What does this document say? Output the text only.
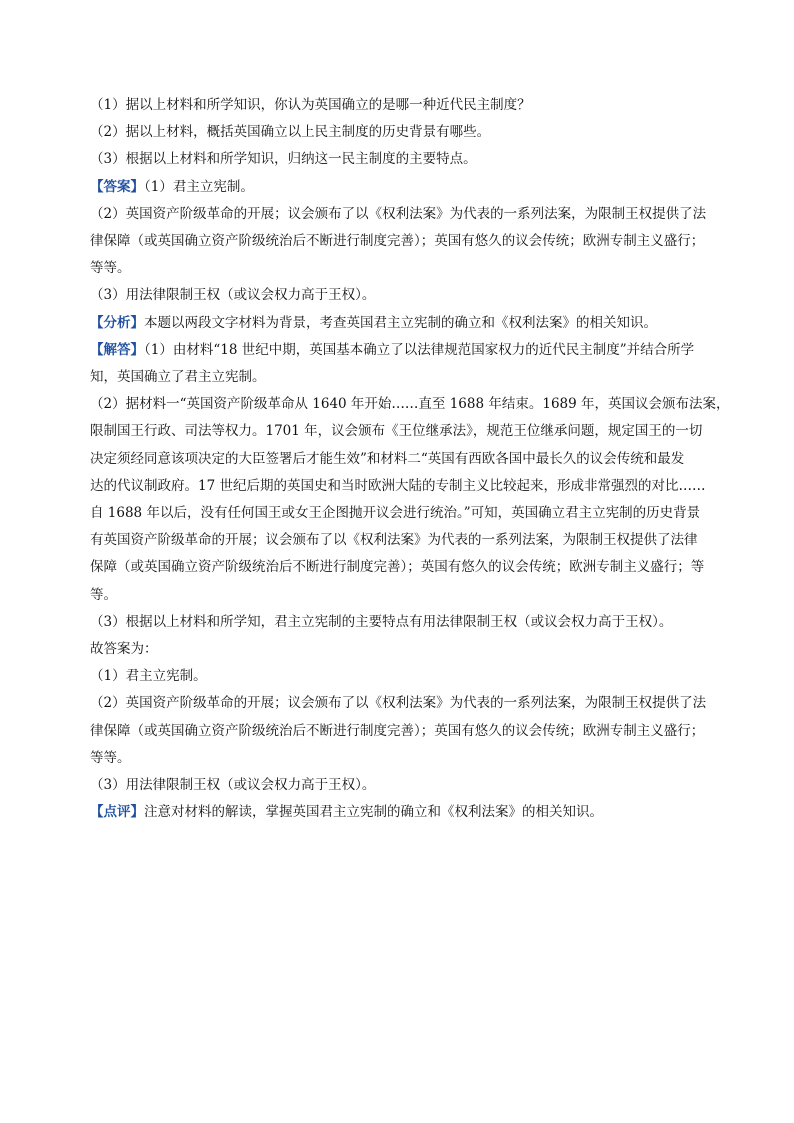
（1）据以上材料和所学知识，你认为英国确立的是哪一种近代民主制度？

（2）据以上材料，概括英国确立以上民主制度的历史背景有哪些。

（3）根据以上材料和所学知识，归纳这一民主制度的主要特点。

【答案】（1）君主立宪制。

（2）英国资产阶级革命的开展；议会颁布了以《权利法案》为代表的一系列法案，为限制王权提供了法

律保障（或英国确立资产阶级统治后不断进行制度完善）；英国有悠久的议会传统；欧洲专制主义盛行；

等等。

（3）用法律限制王权（或议会权力高于王权）。

【分析】本题以两段文字材料为背景，考查英国君主立宪制的确立和《权利法案》的相关知识。

【解答】（1）由材料“18 世纪中期，英国基本确立了以法律规范国家权力的近代民主制度”并结合所学

知，英国确立了君主立宪制。

（2）据材料一“英国资产阶级革命从 1640 年开始……直至 1688 年结束。1689 年，英国议会颁布法案，

限制国王行政、司法等权力。1701 年，议会颁布《王位继承法》，规范王位继承问题，规定国王的一切

决定须经同意该项决定的大臣签署后才能生效”和材料二“英国有西欧各国中最长久的议会传统和最发

达的代议制政府。17 世纪后期的英国史和当时欧洲大陆的专制主义比较起来，形成非常强烈的对比……

自 1688 年以后，没有任何国王或女王企图抛开议会进行统治。”可知，英国确立君主立宪制的历史背景

有英国资产阶级革命的开展；议会颁布了以《权利法案》为代表的一系列法案，为限制王权提供了法律

保障（或英国确立资产阶级统治后不断进行制度完善）；英国有悠久的议会传统；欧洲专制主义盛行；等

等。

（3）根据以上材料和所学知，君主立宪制的主要特点有用法律限制王权（或议会权力高于王权）。

故答案为：

（1）君主立宪制。

（2）英国资产阶级革命的开展；议会颁布了以《权利法案》为代表的一系列法案，为限制王权提供了法

律保障（或英国确立资产阶级统治后不断进行制度完善）；英国有悠久的议会传统；欧洲专制主义盛行；

等等。

（3）用法律限制王权（或议会权力高于王权）。

【点评】注意对材料的解读，掌握英国君主立宪制的确立和《权利法案》的相关知识。
